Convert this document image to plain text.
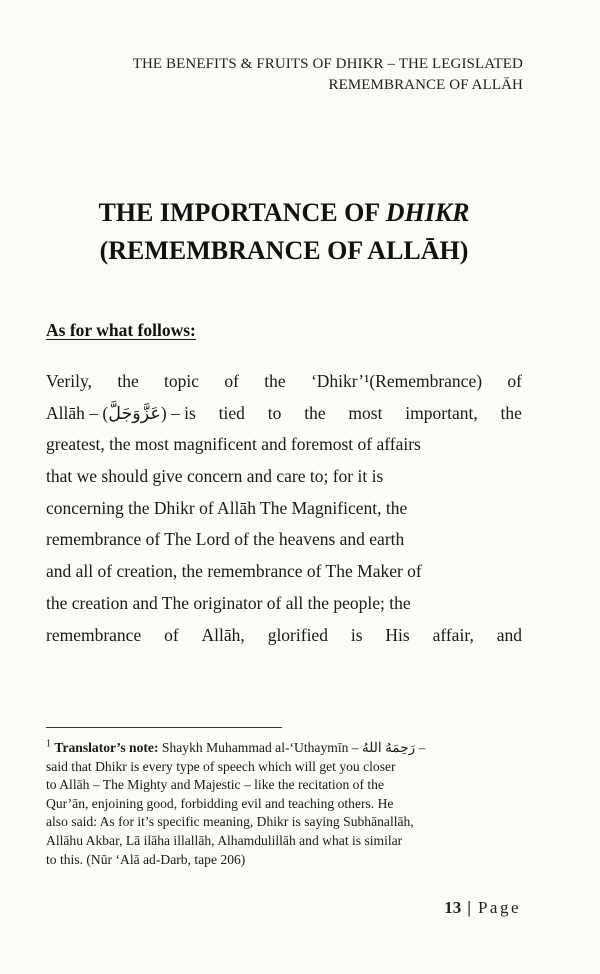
THE BENEFITS & FRUITS OF DHIKR – THE LEGISLATED
REMEMBRANCE OF ALLĀH
THE IMPORTANCE OF DHIKR
(REMEMBRANCE OF ALLĀH)
As for what follows:
Verily, the topic of the ‘Dhikr’¹(Remembrance) of
Allāh – (عَزَّوَجَلَّ) – is tied to the most important, the
greatest, the most magnificent and foremost of affairs
that we should give concern and care to; for it is
concerning the Dhikr of Allāh The Magnificent, the
remembrance of The Lord of the heavens and earth
and all of creation, the remembrance of The Maker of
the creation and The originator of all the people; the
remembrance of Allāh, glorified is His affair, and
$^1$ Translator’s note: Shaykh Muhammad al-‘Uthaymīn – رَحِمَهُ اللهُ –
said that Dhikr is every type of speech which will get you closer
to Allāh – The Mighty and Majestic – like the recitation of the
Qur’ān, enjoining good, forbidding evil and teaching others. He
also said: As for it’s specific meaning, Dhikr is saying Subhānallāh,
Allāhu Akbar, Lā ilāha illallāh, Alhamdulillāh and what is similar
to this. (Nūr ‘Alā ad-Darb, tape 206)
13 | Page
